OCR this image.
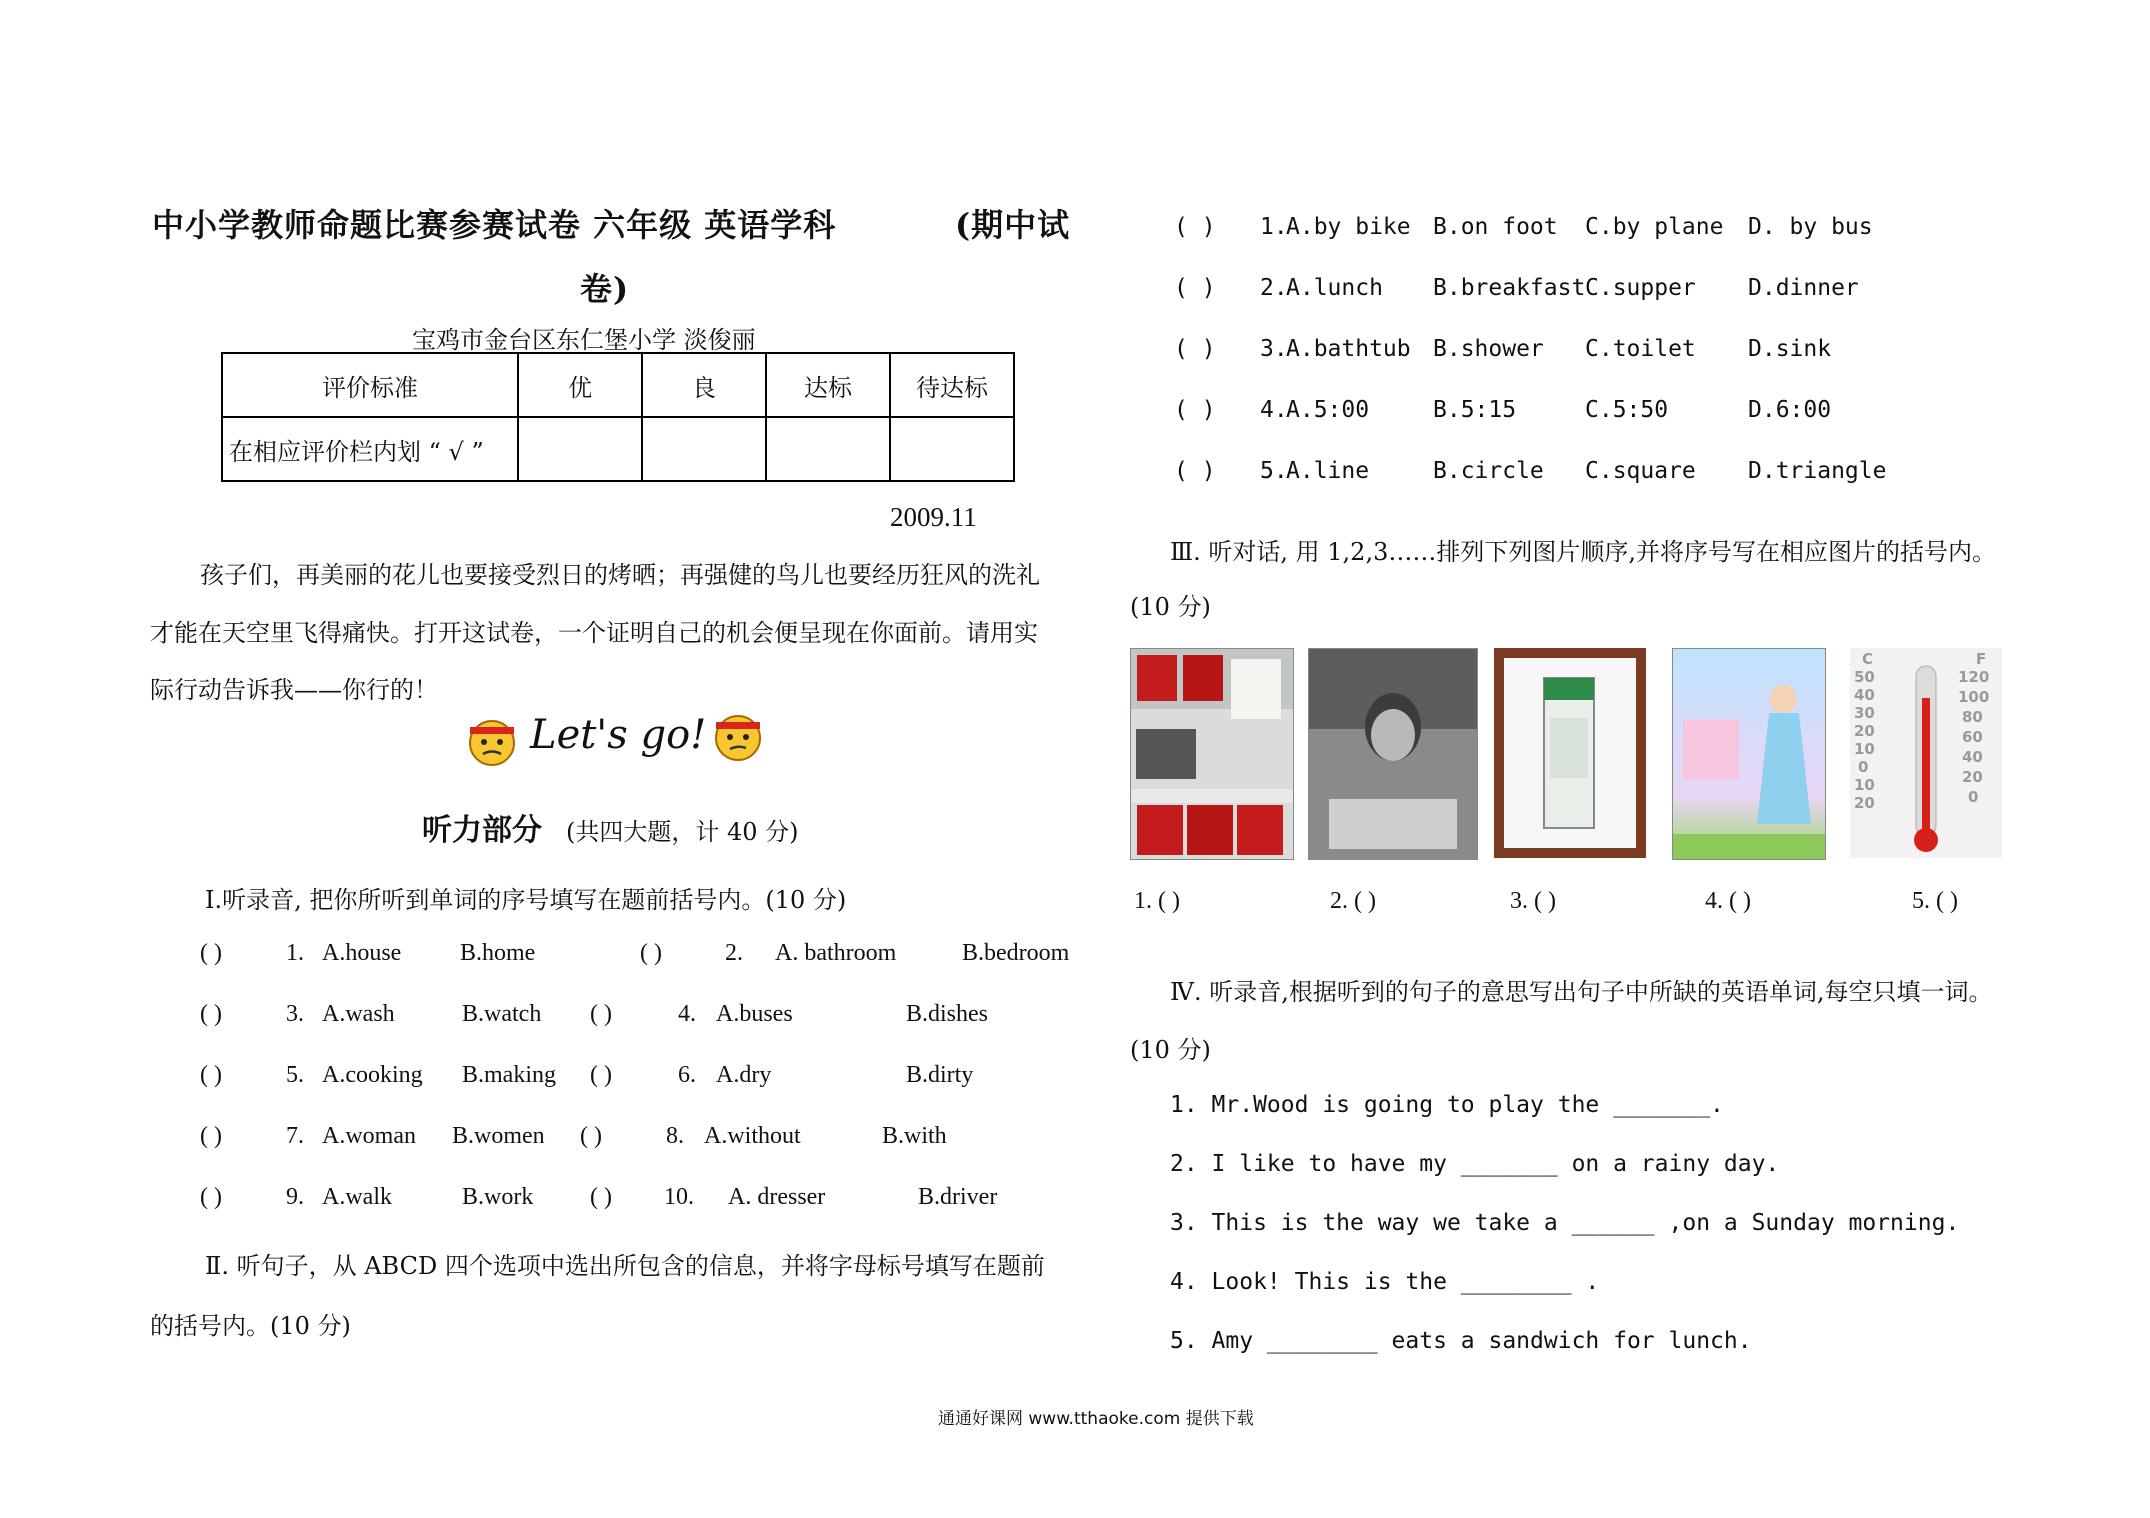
中小学教师命题比赛参赛试卷 六年级 英语学科	(期中试
卷)
宝鸡市金台区东仁堡小学 淡俊丽
评价标准	优	良	达标	待达标
在相应评价栏内划 “ √ ”				
2009.11
孩子们，再美丽的花儿也要接受烈日的烤晒；再强健的鸟儿也要经历狂风的洗礼
才能在天空里飞得痛快。打开这试卷，一个证明自己的机会便呈现在你面前。请用实
际行动告诉我——你行的！
Let's go!
听力部分 (共四大题，计 40 分)
Ⅰ.听录音, 把你所听到单词的序号填写在题前括号内。(10 分)
( )	1. A.house B.home	( )	2. A. bathroom	B.bedroom
( )	3. A.wash	B.watch ( )	4. A.buses	B.dishes
( )	5. A.cooking B.making ( )	6. A.dry	B.dirty
( )	7. A.woman B.women ( )	8. A.without	B.with
( )	9. A.walk	B.work ( ) 10. A. dresser	B.driver
Ⅱ. 听句子，从 ABCD 四个选项中选出所包含的信息，并将字母标号填写在题前
的括号内。(10 分)
( ) 1.
A.by bike B.on foot C.by plane D. by bus
( ) 2.
A.lunch B.breakfast C.supper D.dinner
( ) 3.
A.bathtub B.shower C.toilet D.sink
( ) 4.
A.5:00	B.5:15	C.5:50	D.6:00
( ) 5.
A.line	B.circle C.square D.triangle
Ⅲ. 听对话, 用 1,2,3……排列下列图片顺序,并将序号写在相应图片的括号内。
(10 分)
C	F
50
40
30
20
10
0
10
20
120
100
80
60
40
20
0
1. ( )	2. ( )	3. ( )	4. ( )	5. ( )
Ⅳ. 听录音,根据听到的句子的意思写出句子中所缺的英语单词,每空只填一词。
(10 分)
1. Mr.Wood is going to play the _______.
2. I like to have my _______ on a rainy day.
3. This is the way we take a ______ ,on a Sunday morning.
4. Look! This is the ________ .
5. Amy ________ eats a sandwich for lunch.
通通好课网 www.tthaoke.com 提供下载
